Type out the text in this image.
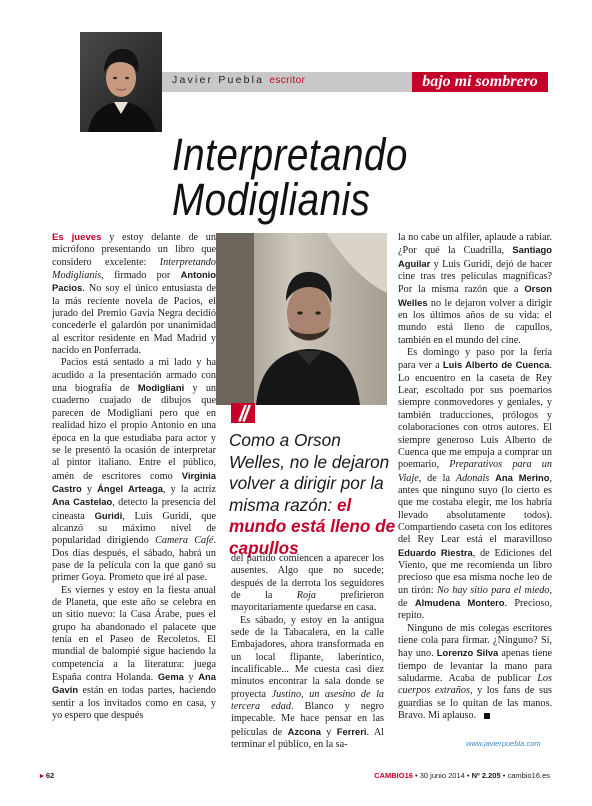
Javier Puebla escritor	bajo mi sombrero
Interpretando
Modiglianis

Es jueves y estoy delante de un micrófono presentando un libro que considero excelente: Interpretando Modiglianis, firmado por Antonio Pacios. No soy el único entusiasta de la más reciente novela de Pacios, el jurado del Premio Gavia Negra decidió concederle el galardón por unanimidad al escritor residente en Mad Madrid y nacido en Ponferrada.

Pacios está sentado a mi lado y ha acudido a la presentación armado con una biografía de Modigliani y un cuaderno cuajado de dibujos que parecen de Modigliani pero que en realidad hizo el propio Antonio en una época en la que estudiaba para actor y se le presentó la ocasión de interpretar al pintor italiano. Entre el público, amén de escritores como Virginia Castro y Ángel Arteaga, y la actriz Ana Castelao, detecto la presencia del cineasta Guridi, Luis Guridi, que alcanzó su máximo nivel de popularidad dirigiendo Camera Café. Dos días después, el sábado, habrá un pase de la película con la que ganó su primer Goya. Prometo que iré al pase.

Es viernes y estoy en la fiesta anual de Planeta, que este año se celebra en un sitio nuevo: la Casa Árabe, pues el grupo ha abandonado el palacete que tenía en el Paseo de Recoletos. El mundial de balompié sigue haciendo la competencia a la literatura: juega España contra Holanda. Gema y Ana Gavín están en todas partes, haciendo sentir a los invitados como en casa, y yo espero que después

//
Como a Orson Welles, no le dejaron volver a dirigir por la misma razón: el mundo está lleno de capullos

del partido comiencen a aparecer los ausentes. Algo que no sucede; después de la derrota los seguidores de la Roja prefirieron mayoritariamente quedarse en casa.

Es sábado, y estoy en la antigua sede de la Tabacalera, en la calle Embajadores, ahora transformada en un local flipante, laberíntico, incalificable... Me cuesta casi diez minutos encontrar la sala donde se proyecta Justino, un asesino de la tercera edad. Blanco y negro impecable. Me hace pensar en las películas de Azcona y Ferreri. Al terminar el público, en la sa-

la no cabe un alfiler, aplaude a rabiar. ¿Por qué la Cuadrilla, Santiago Aguilar y Luis Guridi, dejó de hacer cine tras tres películas magníficas? Por la misma razón que a Orson Welles no le dejaron volver a dirigir en los últimos años de su vida: el mundo está lleno de capullos, también en el mundo del cine.

Es domingo y paso por la feria para ver a Luis Alberto de Cuenca. Lo encuentro en la caseta de Rey Lear, escoltado por sus poemarios siempre conmovedores y geniales, y también traducciones, prólogos y colaboraciones con otros autores. El siempre generoso Luis Alberto de Cuenca que me empuja a comprar un poemario, Preparativos para un Viaje, de la Adonais Ana Merino, antes que ninguno suyo (lo cierto es que me costaba elegir, me los habría llevado absolutamente todos). Compartiendo caseta con los editores del Rey Lear está el maravilloso Eduardo Riestra, de Ediciones del Viento, que me recomienda un libro precioso que esa misma noche leo de un tirón: No hay sitio para el miedo, de Almudena Montero. Precioso, repito.

Ninguno de mis colegas escritores tiene cola para firmar. ¿Ninguno? Sí, hay uno. Lorenzo Silva apenas tiene tiempo de levantar la mano para saludarme. Acaba de publicar Los cuerpos extraños, y los fans de sus guardias se lo quitan de las manos. Bravo. Mi aplauso.

www.javierpuebla.com
▸ 62	CAMBIO16 • 30 junio 2014 • Nº 2.205 • cambio16.es
